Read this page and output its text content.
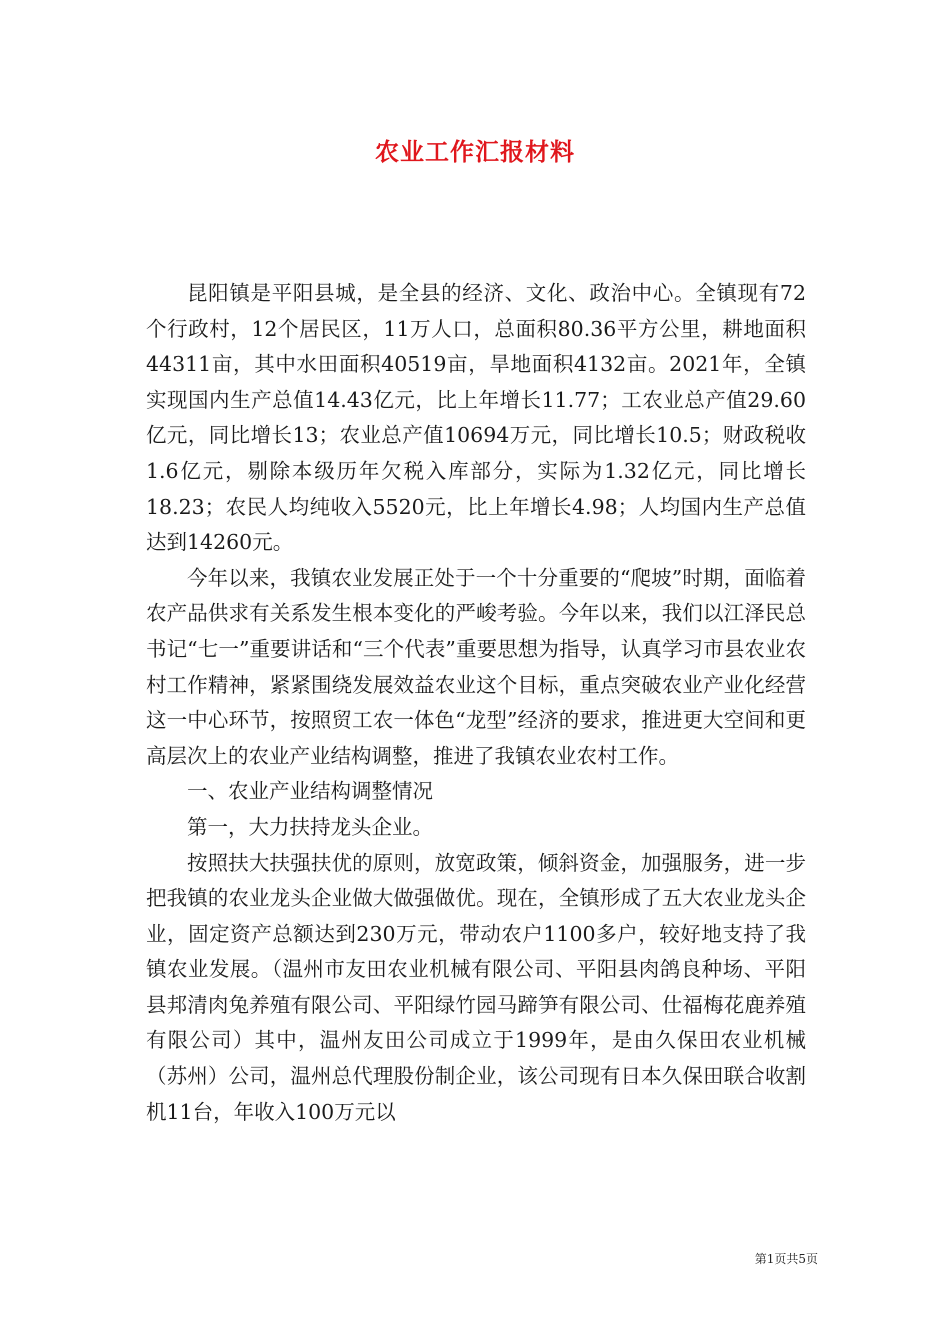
农业工作汇报材料

昆阳镇是平阳县城，是全县的经济、文化、政治中心。全镇现有72个行政村，12个居民区，11万人口，总面积80.36平方公里，耕地面积44311亩，其中水田面积40519亩，旱地面积4132亩。2021年，全镇实现国内生产总值14.43亿元，比上年增长11.77；工农业总产值29.60亿元，同比增长13；农业总产值10694万元，同比增长10.5；财政税收1.6亿元，剔除本级历年欠税入库部分，实际为1.32亿元，同比增长18.23；农民人均纯收入5520元，比上年增长4.98；人均国内生产总值达到14260元。

今年以来，我镇农业发展正处于一个十分重要的“爬坡”时期，面临着农产品供求有关系发生根本变化的严峻考验。今年以来，我们以江泽民总书记“七一”重要讲话和“三个代表”重要思想为指导，认真学习市县农业农村工作精神，紧紧围绕发展效益农业这个目标，重点突破农业产业化经营这一中心环节，按照贸工农一体色“龙型”经济的要求，推进更大空间和更高层次上的农业产业结构调整，推进了我镇农业农村工作。

一、农业产业结构调整情况

第一，大力扶持龙头企业。

按照扶大扶强扶优的原则，放宽政策，倾斜资金，加强服务，进一步把我镇的农业龙头企业做大做强做优。现在，全镇形成了五大农业龙头企业，固定资产总额达到230万元，带动农户1100多户，较好地支持了我镇农业发展。（温州市友田农业机械有限公司、平阳县肉鸽良种场、平阳县邦清肉兔养殖有限公司、平阳绿竹园马蹄笋有限公司、仕福梅花鹿养殖有限公司）其中，温州友田公司成立于1999年，是由久保田农业机械（苏州）公司，温州总代理股份制企业，该公司现有日本久保田联合收割机11台，年收入100万元以

第1页共5页
